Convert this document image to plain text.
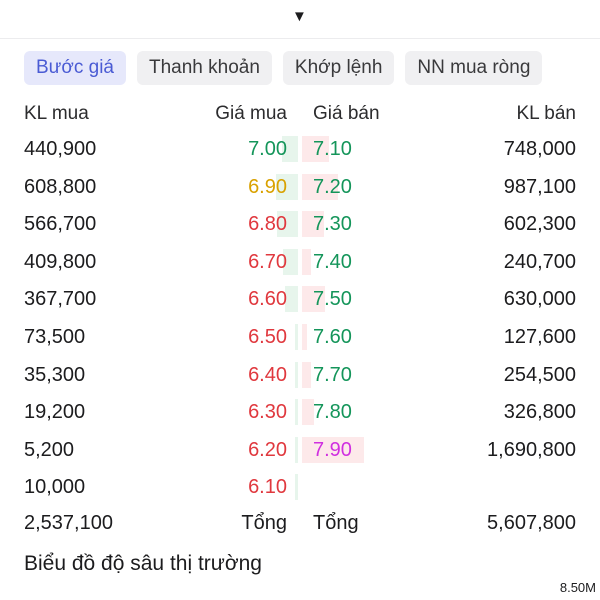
▼
Bước giá	Thanh khoản	Khớp lệnh	NN mua ròng
KL mua	Giá mua Giá bán	KL bán
440,900	7.00 7.10	748,000
608,800	6.90 7.20	987,100
566,700	6.80 7.30	602,300
409,800	6.70 7.40	240,700
367,700	6.60 7.50	630,000
73,500	6.50 7.60	127,600
35,300	6.40 7.70	254,500
19,200	6.30 7.80	326,800
5,200	6.20 7.90	1,690,800
10,000	6.10
2,537,100	Tổng Tổng	5,607,800
Biểu đồ độ sâu thị trường
8.50M
